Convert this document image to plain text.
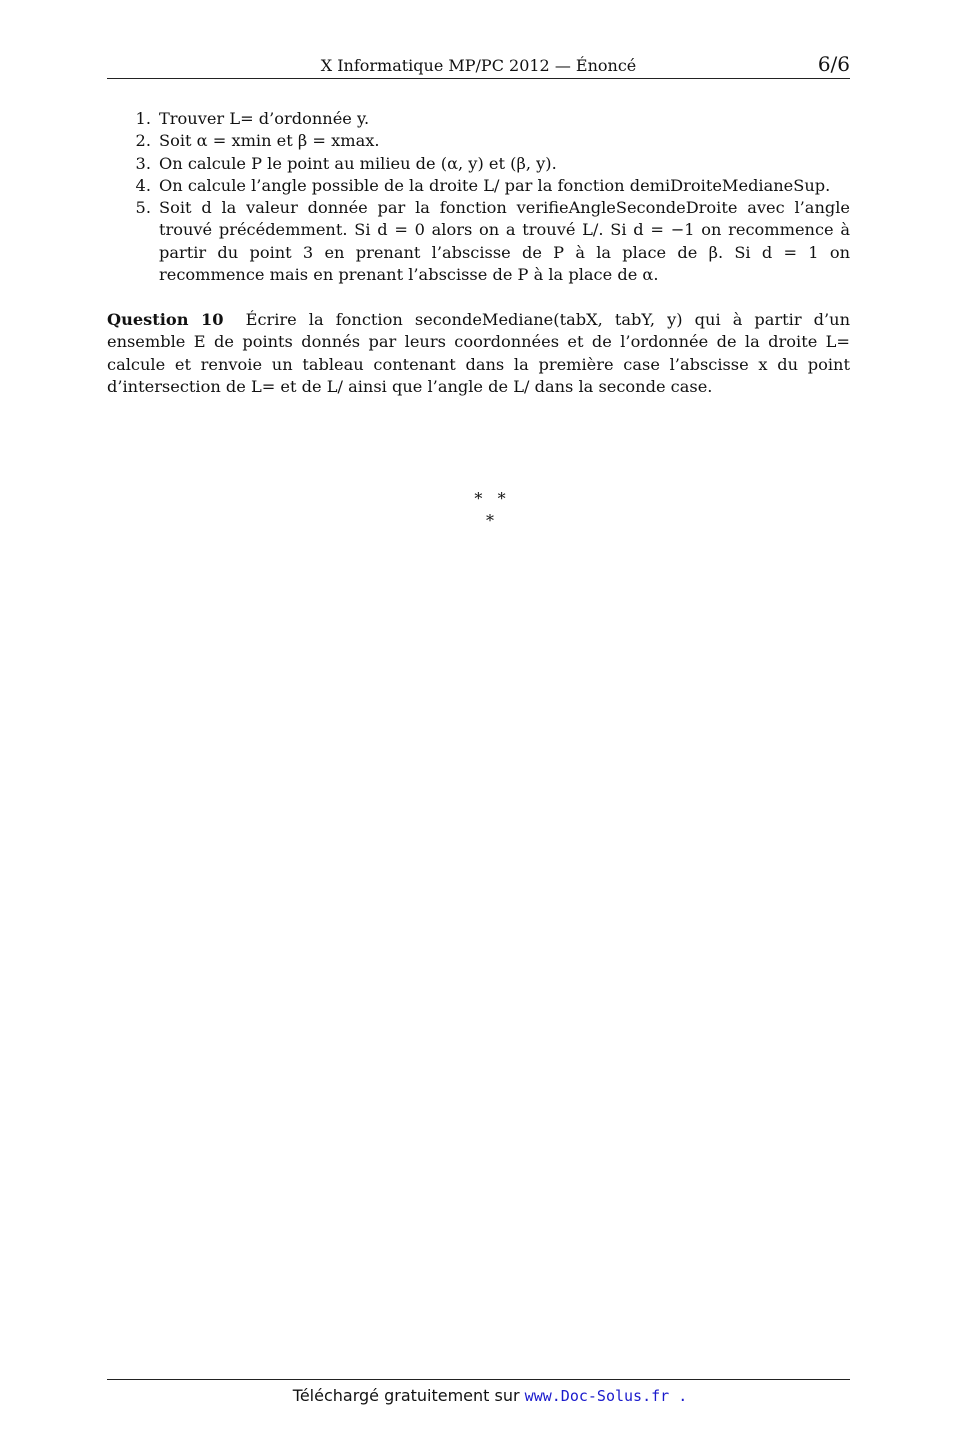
X Informatique MP/PC 2012 — Énoncé	6/6
1. Trouver L= d’ordonnée y.
2. Soit α = xmin et β = xmax.
3. On calcule P le point au milieu de (α, y) et (β, y).
4. On calcule l’angle possible de la droite L/ par la fonction demiDroiteMedianeSup.
5. Soit d la valeur donnée par la fonction verifieAngleSecondeDroite avec l’angle trouvé précédemment. Si d = 0 alors on a trouvé L/. Si d = −1 on recommence à partir du point 3 en prenant l’abscisse de P à la place de β. Si d = 1 on recommence mais en prenant l’abscisse de P à la place de α.
Question 10 Écrire la fonction secondeMediane(tabX, tabY, y) qui à partir d’un ensemble E de points donnés par leurs coordonnées et de l’ordonnée de la droite L= calcule et renvoie un tableau contenant dans la première case l’abscisse x du point d’intersection de L= et de L/ ainsi que l’angle de L/ dans la seconde case.
*   *
*
Téléchargé gratuitement sur www.Doc-Solus.fr .
